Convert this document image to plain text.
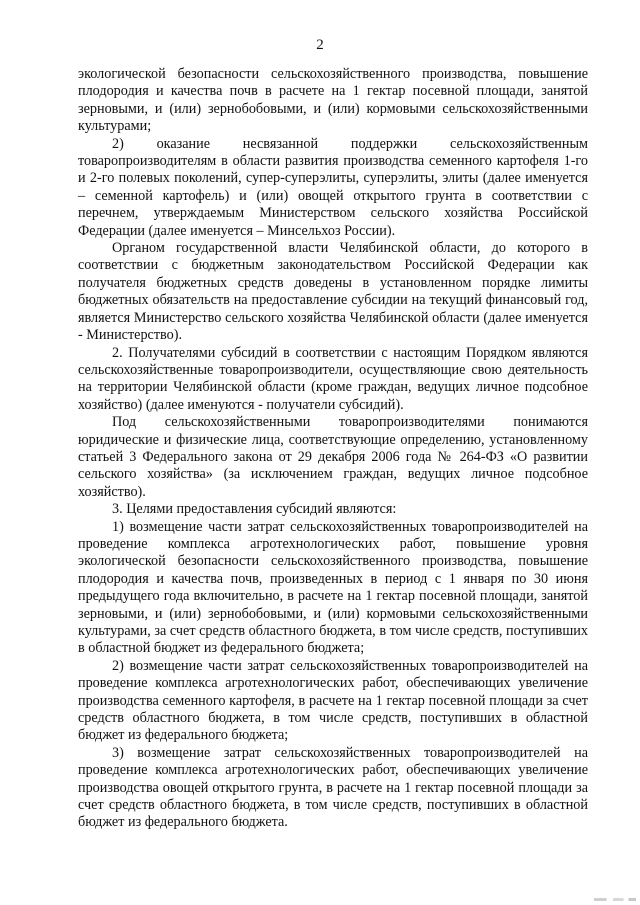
2

экологической безопасности сельскохозяйственного производства, повышение плодородия и качества почв в расчете на 1 гектар посевной площади, занятой зерновыми, и (или) зернобобовыми, и (или) кормовыми сельскохозяйственными культурами;

2) оказание несвязанной поддержки сельскохозяйственным товаропроизводителям в области развития производства семенного картофеля 1-го и 2-го полевых поколений, супер-суперэлиты, суперэлиты, элиты (далее именуется – семенной картофель) и (или) овощей открытого грунта в соответствии с перечнем, утверждаемым Министерством сельского хозяйства Российской Федерации (далее именуется – Минсельхоз России).

Органом государственной власти Челябинской области, до которого в соответствии с бюджетным законодательством Российской Федерации как получателя бюджетных средств доведены в установленном порядке лимиты бюджетных обязательств на предоставление субсидии на текущий финансовый год, является Министерство сельского хозяйства Челябинской области (далее именуется - Министерство).

2. Получателями субсидий в соответствии с настоящим Порядком являются сельскохозяйственные товаропроизводители, осуществляющие свою деятельность на территории Челябинской области (кроме граждан, ведущих личное подсобное хозяйство) (далее именуются - получатели субсидий).

Под сельскохозяйственными товаропроизводителями понимаются юридические и физические лица, соответствующие определению, установленному статьей 3 Федерального закона от 29 декабря 2006 года № 264-ФЗ «О развитии сельского хозяйства» (за исключением граждан, ведущих личное подсобное хозяйство).

3. Целями предоставления субсидий являются:

1) возмещение части затрат сельскохозяйственных товаропроизводителей на проведение комплекса агротехнологических работ, повышение уровня экологической безопасности сельскохозяйственного производства, повышение плодородия и качества почв, произведенных в период с 1 января по 30 июня предыдущего года включительно, в расчете на 1 гектар посевной площади, занятой зерновыми, и (или) зернобобовыми, и (или) кормовыми сельскохозяйственными культурами, за счет средств областного бюджета, в том числе средств, поступивших в областной бюджет из федерального бюджета;

2) возмещение части затрат сельскохозяйственных товаропроизводителей на проведение комплекса агротехнологических работ, обеспечивающих увеличение производства семенного картофеля, в расчете на 1 гектар посевной площади за счет средств областного бюджета, в том числе средств, поступивших в областной бюджет из федерального бюджета;

3) возмещение затрат сельскохозяйственных товаропроизводителей на проведение комплекса агротехнологических работ, обеспечивающих увеличение производства овощей открытого грунта, в расчете на 1 гектар посевной площади за счет средств областного бюджета, в том числе средств, поступивших в областной бюджет из федерального бюджета.
